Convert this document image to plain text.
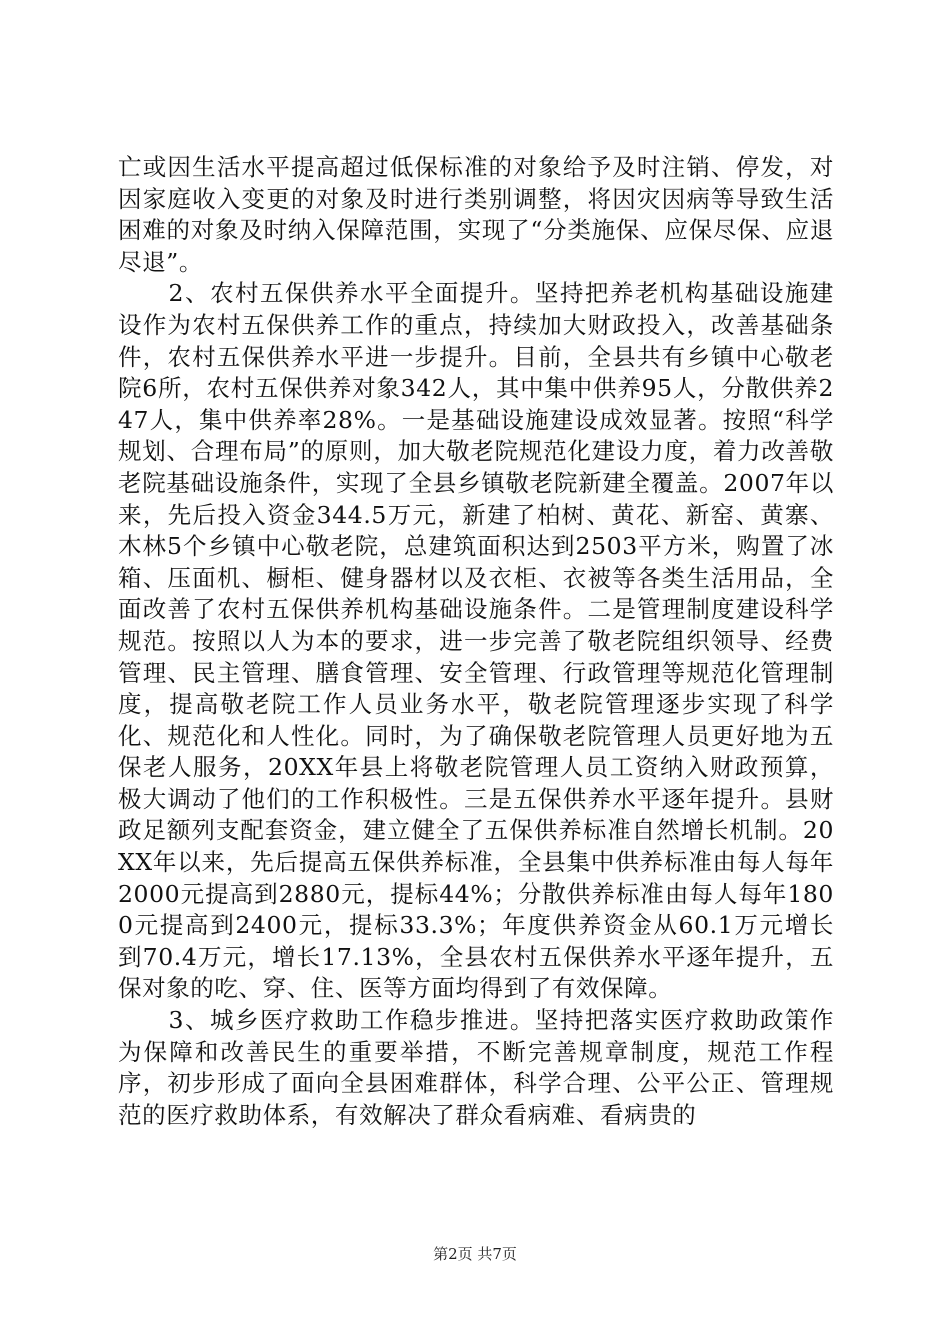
亡或因生活水平提高超过低保标准的对象给予及时注销、停发，对因家庭收入变更的对象及时进行类别调整，将因灾因病等导致生活困难的对象及时纳入保障范围，实现了“分类施保、应保尽保、应退尽退”。

2、农村五保供养水平全面提升。坚持把养老机构基础设施建设作为农村五保供养工作的重点，持续加大财政投入，改善基础条件，农村五保供养水平进一步提升。目前，全县共有乡镇中心敬老院6所，农村五保供养对象342人，其中集中供养95人，分散供养247人，集中供养率28%。一是基础设施建设成效显著。按照“科学规划、合理布局”的原则，加大敬老院规范化建设力度，着力改善敬老院基础设施条件，实现了全县乡镇敬老院新建全覆盖。2007年以来，先后投入资金344.5万元，新建了柏树、黄花、新窑、黄寨、木林5个乡镇中心敬老院，总建筑面积达到2503平方米，购置了冰箱、压面机、橱柜、健身器材以及衣柜、衣被等各类生活用品，全面改善了农村五保供养机构基础设施条件。二是管理制度建设科学规范。按照以人为本的要求，进一步完善了敬老院组织领导、经费管理、民主管理、膳食管理、安全管理、行政管理等规范化管理制度，提高敬老院工作人员业务水平，敬老院管理逐步实现了科学化、规范化和人性化。同时，为了确保敬老院管理人员更好地为五保老人服务，20XX年县上将敬老院管理人员工资纳入财政预算，极大调动了他们的工作积极性。三是五保供养水平逐年提升。县财政足额列支配套资金，建立健全了五保供养标准自然增长机制。20XX年以来，先后提高五保供养标准，全县集中供养标准由每人每年2000元提高到2880元，提标44%；分散供养标准由每人每年1800元提高到2400元，提标33.3%；年度供养资金从60.1万元增长到70.4万元，增长17.13%，全县农村五保供养水平逐年提升，五保对象的吃、穿、住、医等方面均得到了有效保障。

3、城乡医疗救助工作稳步推进。坚持把落实医疗救助政策作为保障和改善民生的重要举措，不断完善规章制度，规范工作程序，初步形成了面向全县困难群体，科学合理、公平公正、管理规范的医疗救助体系，有效解决了群众看病难、看病贵的

第2页 共7页
